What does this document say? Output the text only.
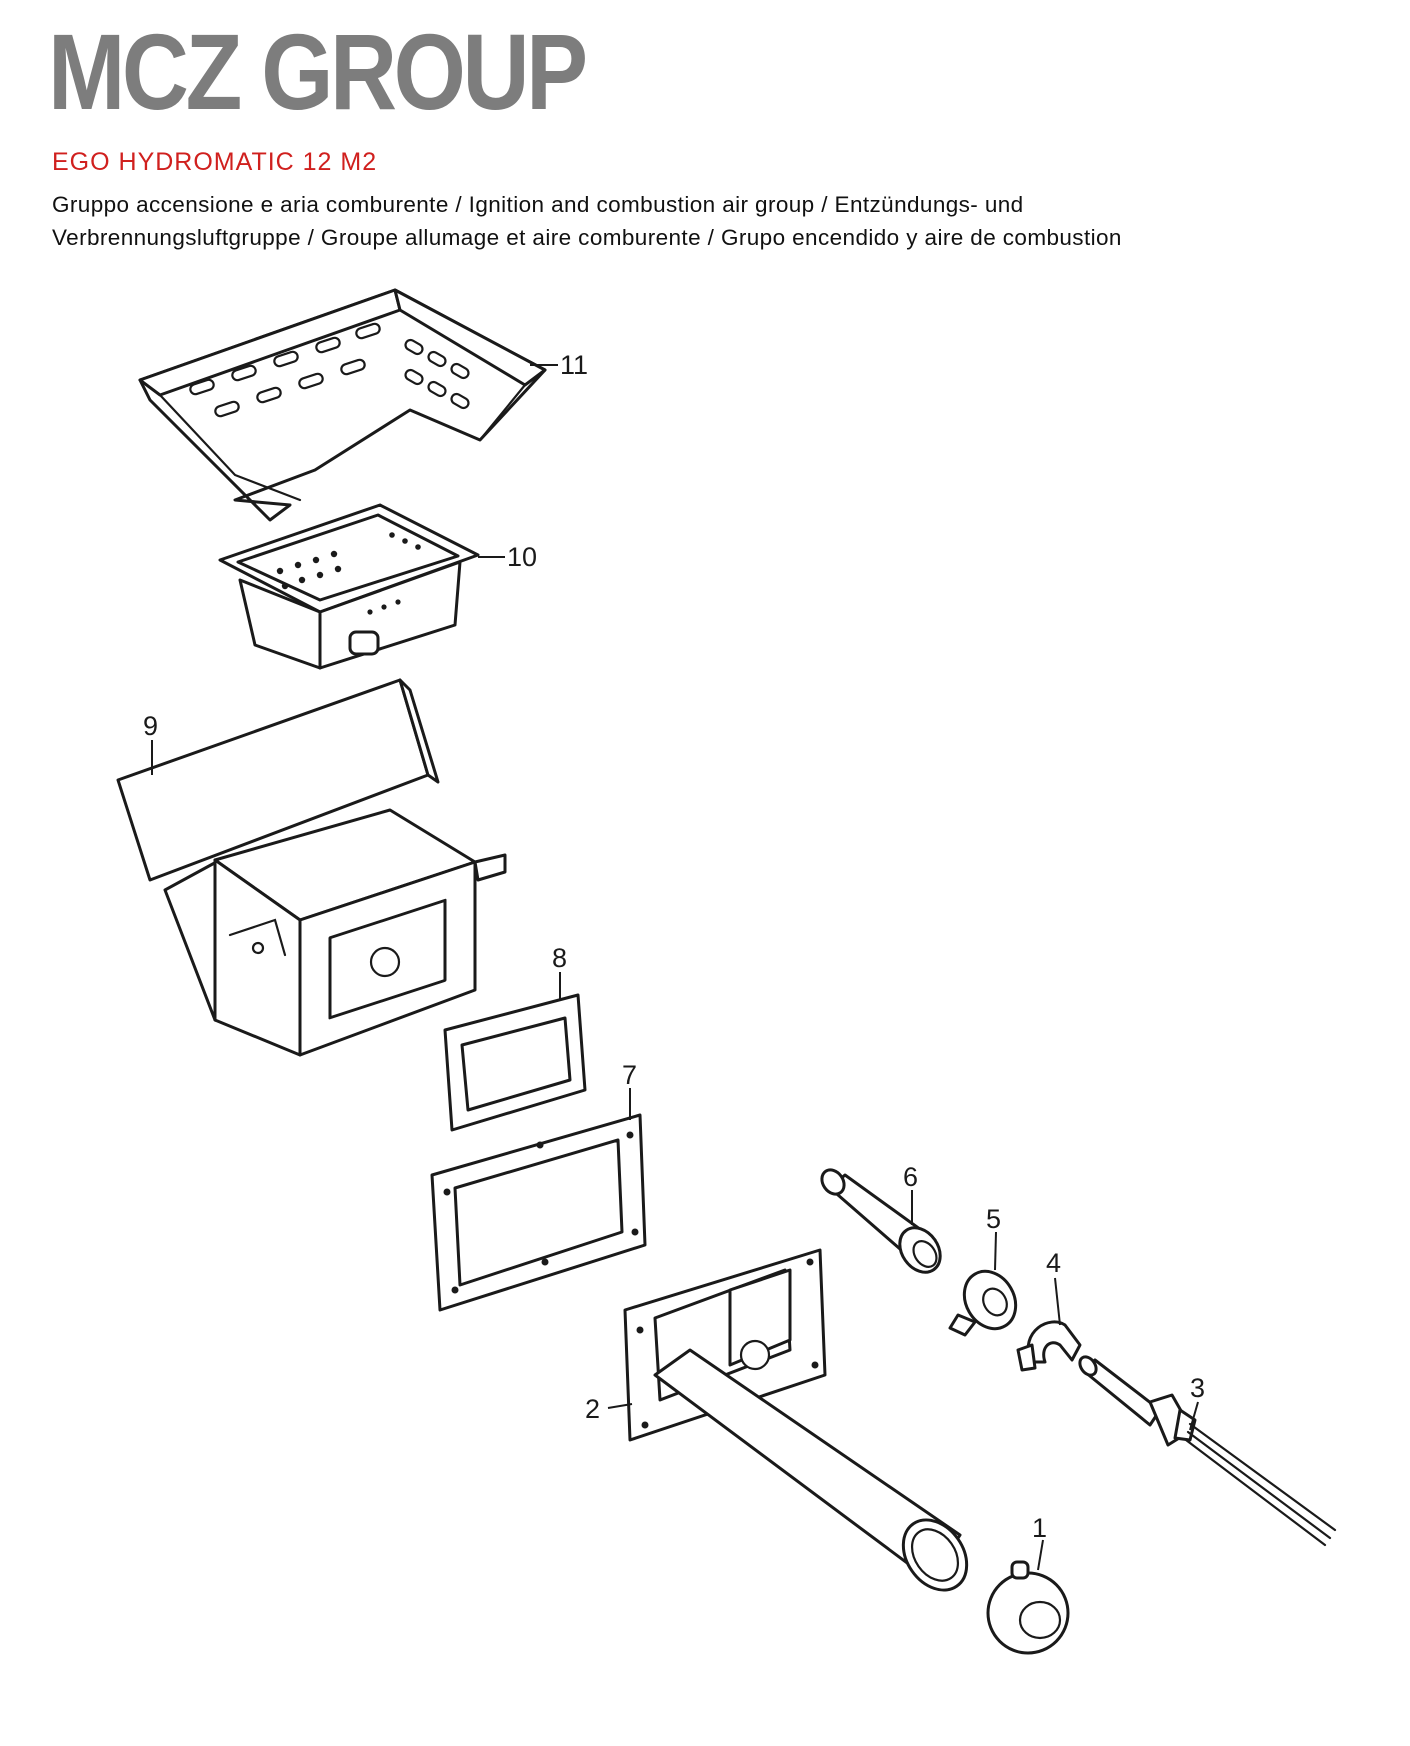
MCZ GROUP
EGO HYDROMATIC 12 M2
Gruppo accensione e aria comburente / Ignition and combustion air group / Entzündungs- und
Verbrennungsluftgruppe / Groupe allumage et aire comburente / Grupo encendido y aire de combustion
1
2
3
4
5
6
7
8
9
10
11
